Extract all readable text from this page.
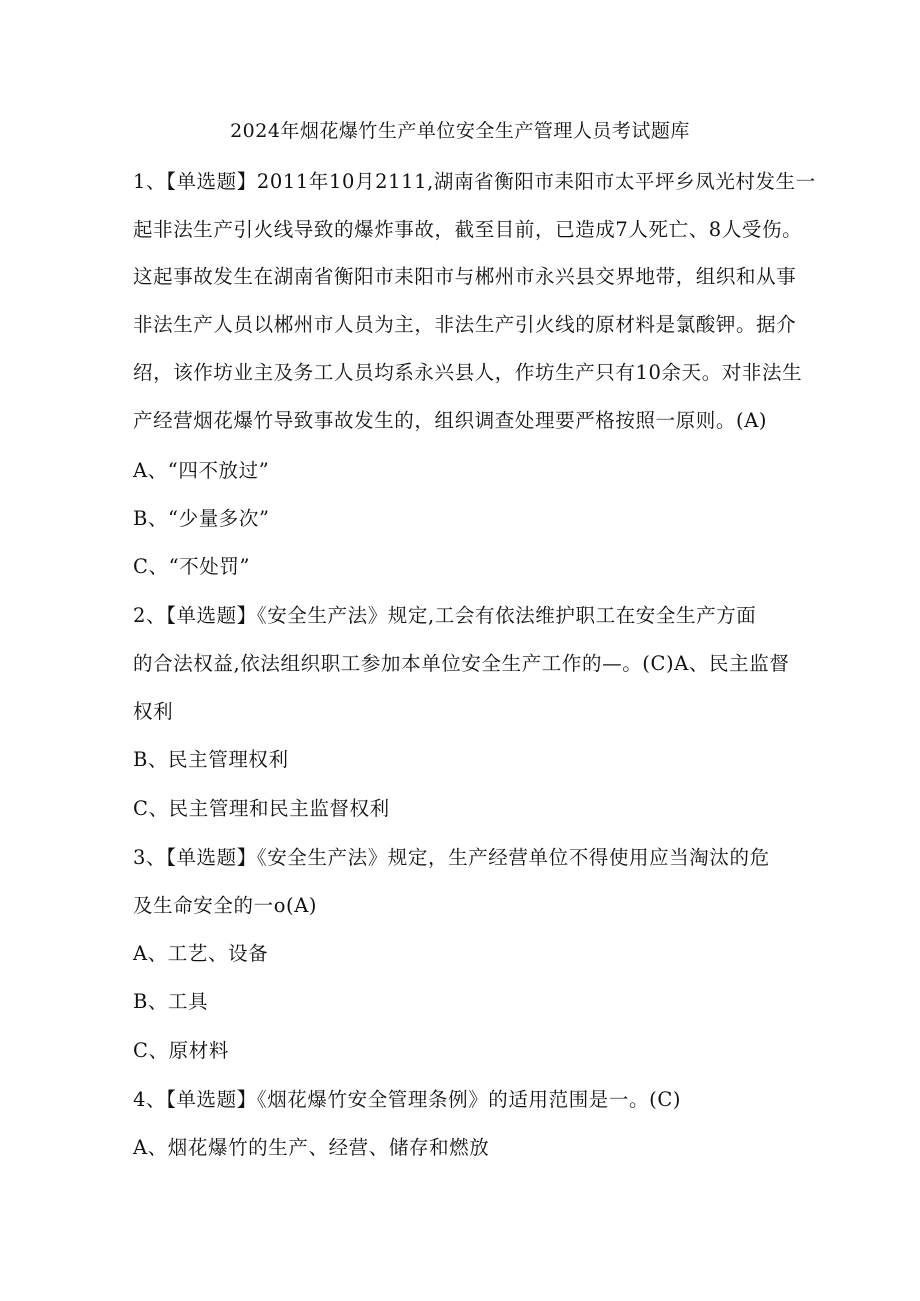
2024年烟花爆竹生产单位安全生产管理人员考试题库
1、【单选题】2011年10月2111,湖南省衡阳市耒阳市太平坪乡凤光村发生一
起非法生产引火线导致的爆炸事故，截至目前，已造成7人死亡、8人受伤。
这起事故发生在湖南省衡阳市耒阳市与郴州市永兴县交界地带，组织和从事
非法生产人员以郴州市人员为主，非法生产引火线的原材料是氯酸钾。据介
绍，该作坊业主及务工人员均系永兴县人，作坊生产只有10余天。对非法生
产经营烟花爆竹导致事故发生的，组织调查处理要严格按照一原则。(A)
A、“四不放过”
B、“少量多次”
C、“不处罚”
2、【单选题】《安全生产法》规定,工会有依法维护职工在安全生产方面
的合法权益,依法组织职工参加本单位安全生产工作的—。(C)A、民主监督
权利
B、民主管理权利
C、民主管理和民主监督权利
3、【单选题】《安全生产法》规定，生产经营单位不得使用应当淘汰的危
及生命安全的一o(A)
A、工艺、设备
B、工具
C、原材料
4、【单选题】《烟花爆竹安全管理条例》的适用范围是一。(C)
A、烟花爆竹的生产、经营、储存和燃放
